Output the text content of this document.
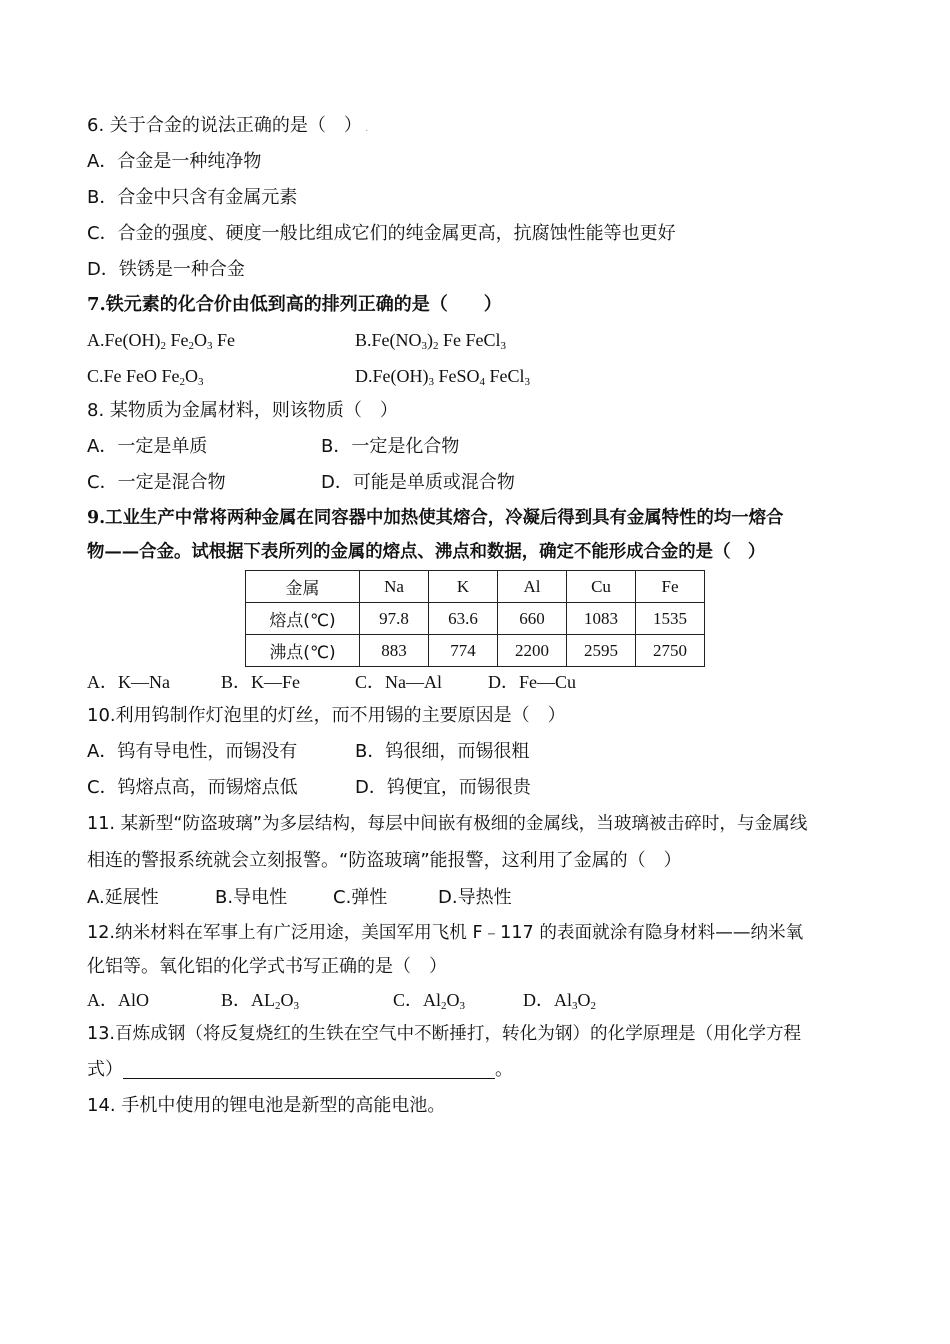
6. 关于合金的说法正确的是（　） .
A．合金是一种纯净物
B．合金中只含有金属元素
C．合金的强度、硬度一般比组成它们的纯金属更高，抗腐蚀性能等也更好
D．铁锈是一种合金
7.铁元素的化合价由低到高的排列正确的是（　　）
$A.Fe(OH)_2$ $Fe_2O_3$ Fe	$B.Fe(NO_3)_2$ Fe FeCl$_3$
C.Fe FeO $Fe_2O_3$	$D.Fe(OH)_3$ FeSO$_4$ FeCl$_3$
8. 某物质为金属材料，则该物质（　）
A．一定是单质	B．一定是化合物
C．一定是混合物	D．可能是单质或混合物
9.工业生产中常将两种金属在同容器中加热使其熔合，冷凝后得到具有金属特性的均一熔合
物——合金。试根据下表所列的金属的熔点、沸点和数据，确定不能形成合金的是（　）
金属	Na	K	Al	Cu	Fe
熔点(℃)	97.8	63.6	660	1083	1535
沸点(℃)	883	774	2200	2595	2750
A．K—Na	B．K—Fe	C．Na—Al	D．Fe—Cu
10.利用钨制作灯泡里的灯丝，而不用锡的主要原因是（　）
A．钨有导电性，而锡没有	B．钨很细，而锡很粗
C．钨熔点高，而锡熔点低	D．钨便宜，而锡很贵
11. 某新型“防盗玻璃”为多层结构，每层中间嵌有极细的金属线，当玻璃被击碎时，与金属线
相连的警报系统就会立刻报警。“防盗玻璃”能报警，这利用了金属的（　）
A.延展性	B.导电性	C.弹性	D.导热性
12.纳米材料在军事上有广泛用途，美国军用飞机 F﹣117 的表面就涂有隐身材料——纳米氧
化铝等。氧化铝的化学式书写正确的是（　）
A．AlO	B．$AL_2O_3$	C．$Al_2O_3$	D．$Al_3O_2$
13.百炼成钢（将反复烧红的生铁在空气中不断捶打，转化为钢）的化学原理是（用化学方程
式）	。
14. 手机中使用的锂电池是新型的高能电池。
